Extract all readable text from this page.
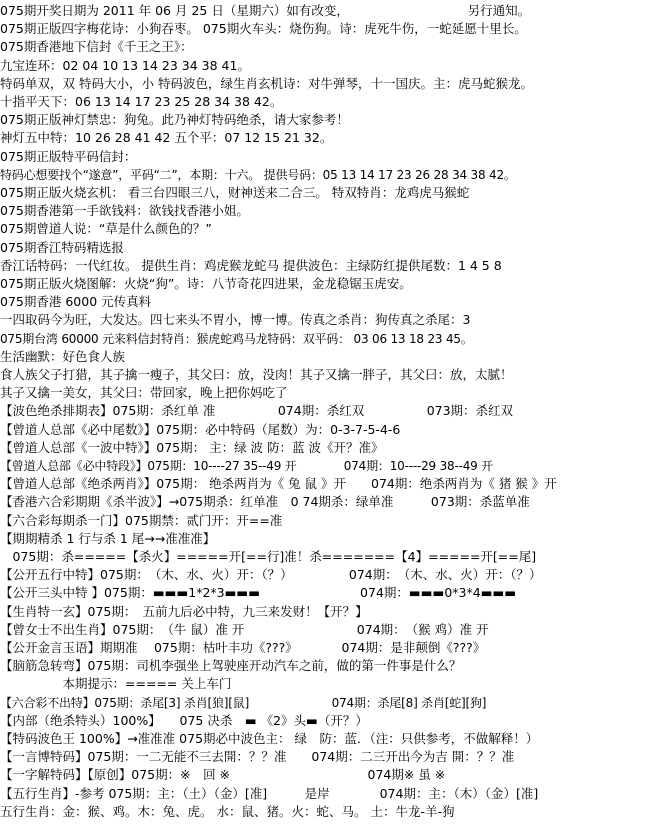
075期开奖日期为 2011 年 06 月 25 日（星期六）如有改变，　　　　　　　　　　另行通知。
075期正版四字梅花诗：小狗吞枣。 075期火车头：烧伤狗。诗：虎死牛伤，一蛇延愿十里长。
075期香港地下信封《千王之王》：
九宝连环：02 04 10 13 14 23 34 38 41。
特码单双，双 特码大小，小 特码波色，绿生肖玄机诗：对牛弹琴，十一国庆。主：虎马蛇猴龙。
十指平天下：06 13 14 17 23 25 28 34 38 42。
075期正版神灯禁忠：狗兔。此乃神灯特码绝杀，请大家参考！
神灯五中特：10 26 28 41 42 五个平：07 12 15 21 32。
075期正版特平码信封：
特码心想要找个“遂意”，平码“二”，本期：十六。 提供号码：05 13 14 17 23 26 28 34 38 42。
075期正版火烧玄机： 看三台四眼三八，财神送来二合三。 特双特肖：龙鸡虎马猴蛇
075期香港第一手欲钱料：欲钱找香港小姐。
075期曾道人说：“草是什么颜色的？”
075期香江特码精选报
香江话特码：一代红妆。 提供生肖：鸡虎猴龙蛇马 提供波色：主绿防红提供尾数：1 4 5 8
075期正版火烧图解：火烧“狗”。诗：八节奇花四进果，金龙稳锯玉虎安。
075期香港 6000 元传真料
一四取码今为旺，大发达。四七来头不胃小，博一博。传真之杀肖：狗传真之杀尾：3
075期台湾 60000 元来料信封特肖：猴虎蛇鸡马龙特码：双平码： 03 06 13 18 23 45。
生活幽默：好色食人族
食人族父子打猎，其子擒一瘦子，其父曰：放，没肉！其子又擒一胖子，其父曰：放，太腻！
其子又擒一美女，其父曰：带回家，晚上把你妈吃了
【波色绝杀排期表】075期：杀红单 准　　　　　074期：杀红双　　　　　073期：杀红双
【曾道人总部《必中尾数》】075期：必中特码（尾数）为：0-3-7-5-4-6
【曾道人总部《一波中特》】075期： 主：绿 波 防：蓝 波《开？准》
【曾道人总部《必中特段》】075期：10----27 35--49 开　　　　074期：10----29 38--49 开
【曾道人总部《绝杀两肖》】075期： 绝杀两肖为《 兔 鼠 》开　　074期：绝杀两肖为《 猪 猴 》开
【香港六合彩期期《杀半波》】→075期杀：红单准　0 74期杀：绿单准　　　073期：杀蓝单准
【六合彩每期杀一门】075期禁：贰门开：开==准
【期期精杀 1 行与杀 1 尾→→准准准】
　075期：杀=====【杀火】=====开[==行]准！杀=======【4】=====开[==尾]
【公开五行中特】075期：　（木、水、火）开：（？）　　　　　074期：　（木、水、火）开：（？）
【公开三头中特 】075期：▬▬▬1*2*3▬▬▬　　　　　　　　074期：▬▬▬0*3*4▬▬▬
【生肖特一玄】075期：　五前九后必中特，九三来发财！【开？】
【曾女士不出生肖】075期：　（牛 鼠）准 开　　　　　　　　　074期：　（猴 鸡）准 开
【公开金言玉语】期期准　 075期：枯叶丰功《???》　　　　074期：是非颠倒《???》
【脑筋急转弯】075期：司机李强坐上驾驶座开动汽车之前，做的第一件事是什么？
　　　　　本期提示：===== 关上车门
【六合彩不出特】075期：杀尾[3] 杀肖[狼][鼠]　　　　　　　074期：杀尾[8] 杀肖[蛇][狗]
【内部（绝杀特头）100%】　　075 决杀　▬ 《2》头▬（开？）
【特码波色王 100%】→准准准 075期必中波色主： 绿　防：蓝．（注：只供参考，不做解释！）
【一言博特码】075期：一二无能不三去開：？？准　　074期：二三开出今为吉 開：？？准
【一字解特码】【原创】075期：※　回 ※　　　　　　　　　　　074期※ 虽 ※
【五行生肖】-参考 075期：主：（土）（金）[准]　　　是岸　　　　074期：主：（木）（金）[准]
五行生肖：金：猴、鸡。木：兔、虎。 水：鼠、猪。火：蛇、马。 土：牛龙-羊-狗
